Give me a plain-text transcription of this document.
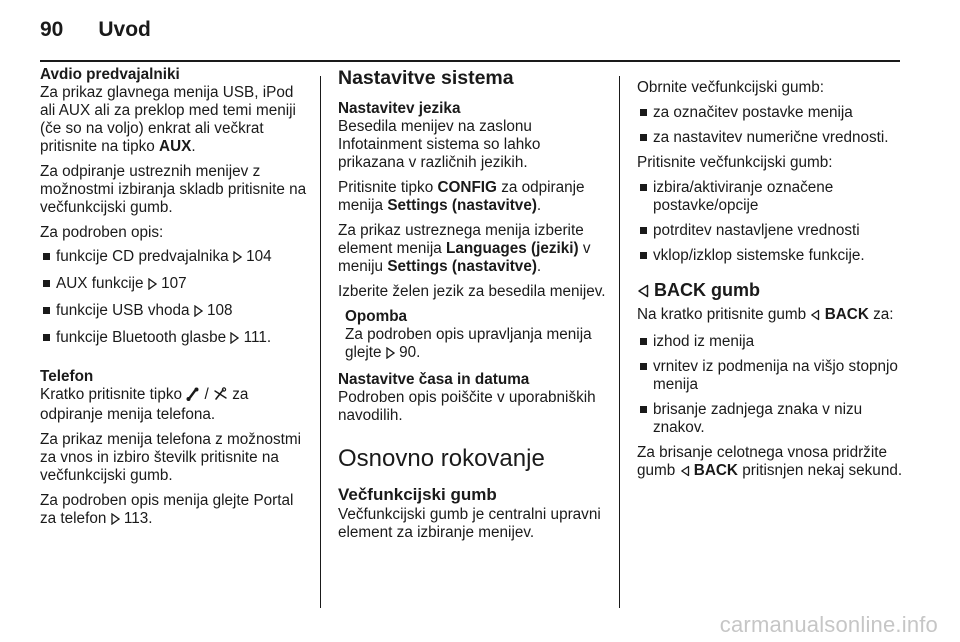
90 Uvod

Avdio predvajalniki

Za prikaz glavnega menija USB, iPod ali AUX ali za preklop med temi meniji (če so na voljo) enkrat ali večkrat pritisnite na tipko AUX.

Za odpiranje ustreznih menijev z možnostmi izbiranja skladb pritisnite na večfunkcijski gumb.

Za podroben opis:

funkcije CD predvajalnika  104
AUX funkcije  107
funkcije USB vhoda  108
funkcije Bluetooth glasbe  111.

Telefon

Kratko pritisnite tipko  /  za odpiranje menija telefona.

Za prikaz menija telefona z možnostmi za vnos in izbiro številk pritisnite na večfunkcijski gumb.

Za podroben opis menija glejte Portal za telefon  113.

Nastavitve sistema

Nastavitev jezika

Besedila menijev na zaslonu Infotainment sistema so lahko prikazana v različnih jezikih.

Pritisnite tipko CONFIG za odpiranje menija Settings (nastavitve).

Za prikaz ustreznega menija izberite element menija Languages (jeziki) v meniju Settings (nastavitve).

Izberite želen jezik za besedila menijev.

Opomba

Za podroben opis upravljanja menija glejte  90.

Nastavitve časa in datuma

Podroben opis poiščite v uporabniških navodilih.

Osnovno rokovanje

Večfunkcijski gumb

Večfunkcijski gumb je centralni upravni element za izbiranje menijev.

Obrnite večfunkcijski gumb:

za označitev postavke menija
za nastavitev numerične vrednosti.

Pritisnite večfunkcijski gumb:

izbira/aktiviranje označene postavke/opcije
potrditev nastavljene vrednosti
vklop/izklop sistemske funkcije.

BACK gumb

Na kratko pritisnite gumb  BACK za:

izhod iz menija
vrnitev iz podmenija na višjo stopnjo menija
brisanje zadnjega znaka v nizu znakov.

Za brisanje celotnega vnosa pridržite gumb  BACK pritisnjen nekaj sekund.

carmanualsonline.info
